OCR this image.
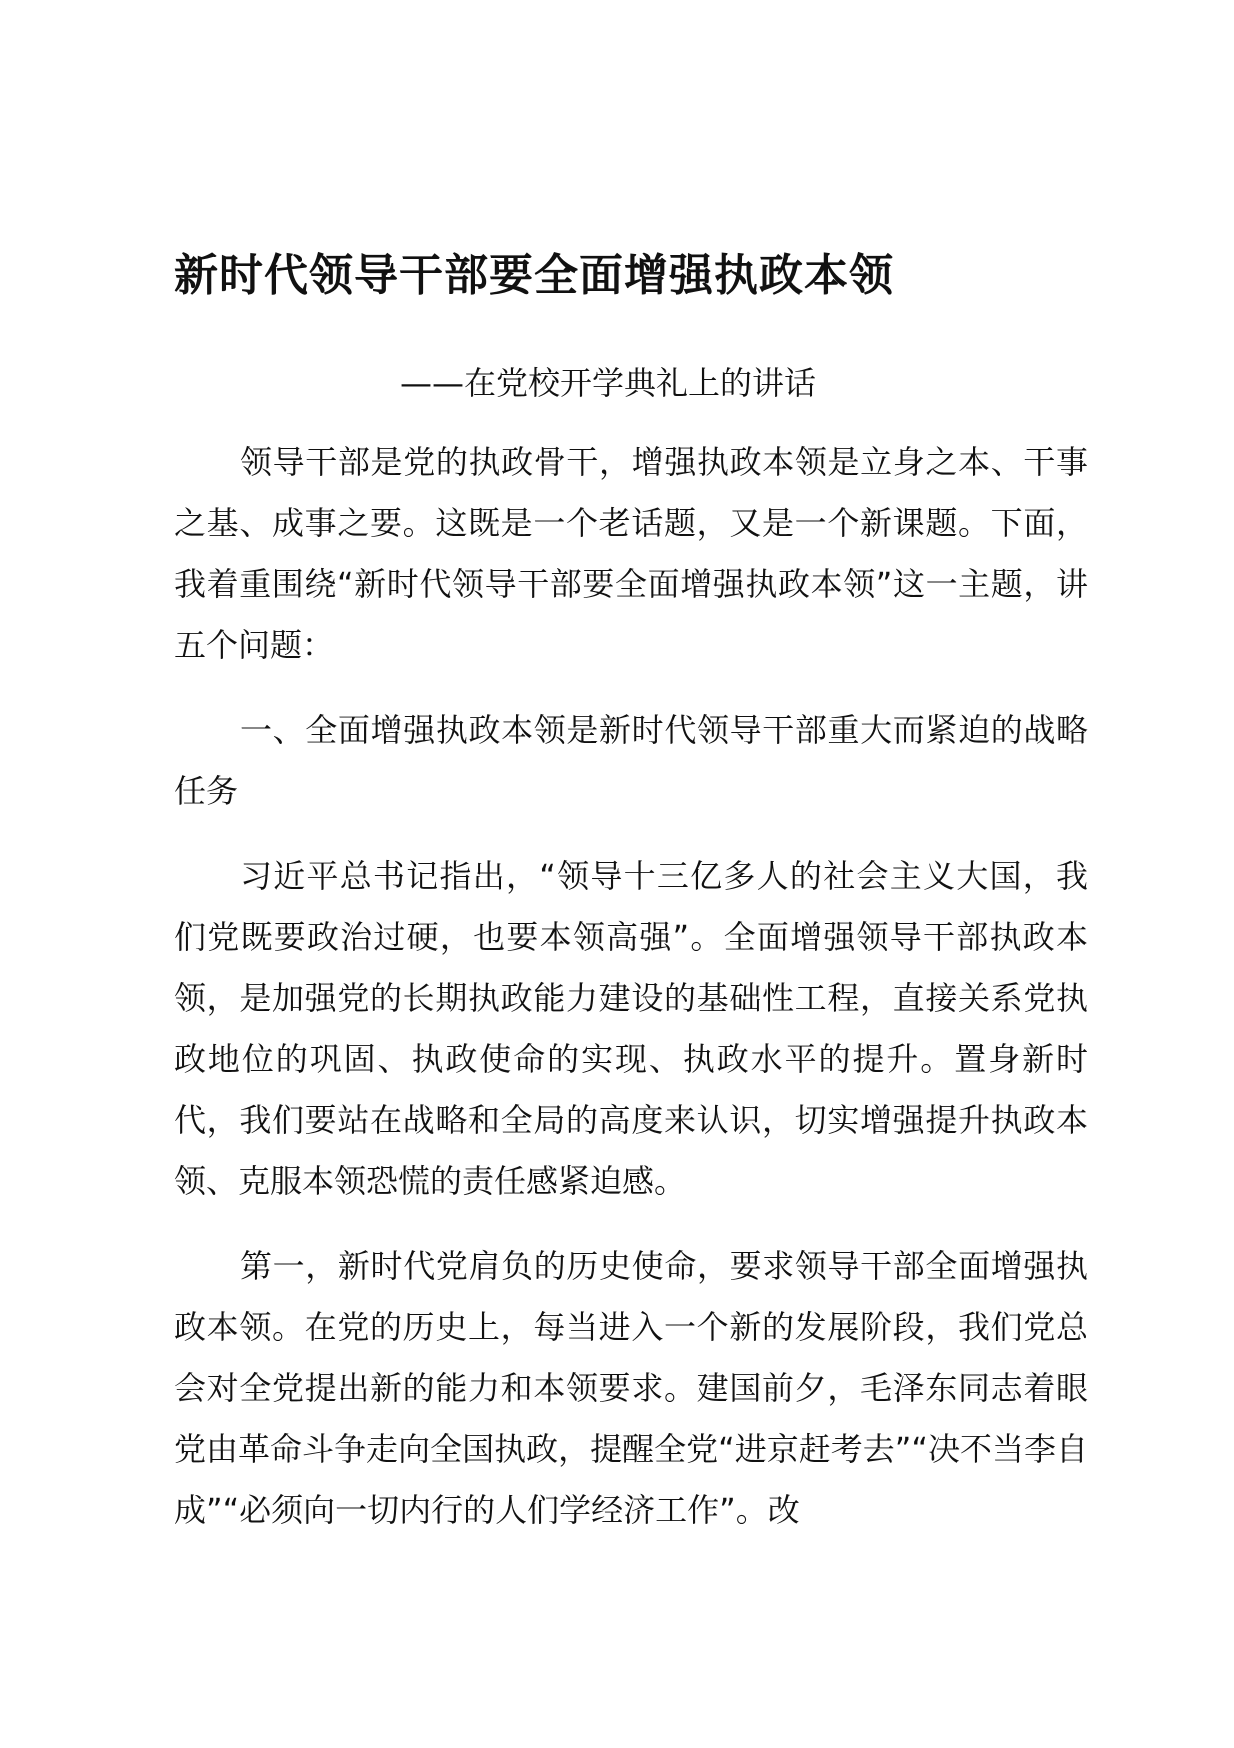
新时代领导干部要全面增强执政本领
——在党校开学典礼上的讲话

领导干部是党的执政骨干，增强执政本领是立身之本、干事之基、成事之要。这既是一个老话题，又是一个新课题。下面，我着重围绕“新时代领导干部要全面增强执政本领”这一主题，讲五个问题：

一、全面增强执政本领是新时代领导干部重大而紧迫的战略任务

习近平总书记指出，“领导十三亿多人的社会主义大国，我们党既要政治过硬，也要本领高强”。全面增强领导干部执政本领，是加强党的长期执政能力建设的基础性工程，直接关系党执政地位的巩固、执政使命的实现、执政水平的提升。置身新时代，我们要站在战略和全局的高度来认识，切实增强提升执政本领、克服本领恐慌的责任感紧迫感。

第一，新时代党肩负的历史使命，要求领导干部全面增强执政本领。在党的历史上，每当进入一个新的发展阶段，我们党总会对全党提出新的能力和本领要求。建国前夕，毛泽东同志着眼党由革命斗争走向全国执政，提醒全党“进京赶考去”“决不当李自成”“必须向一切内行的人们学经济工作”。改
